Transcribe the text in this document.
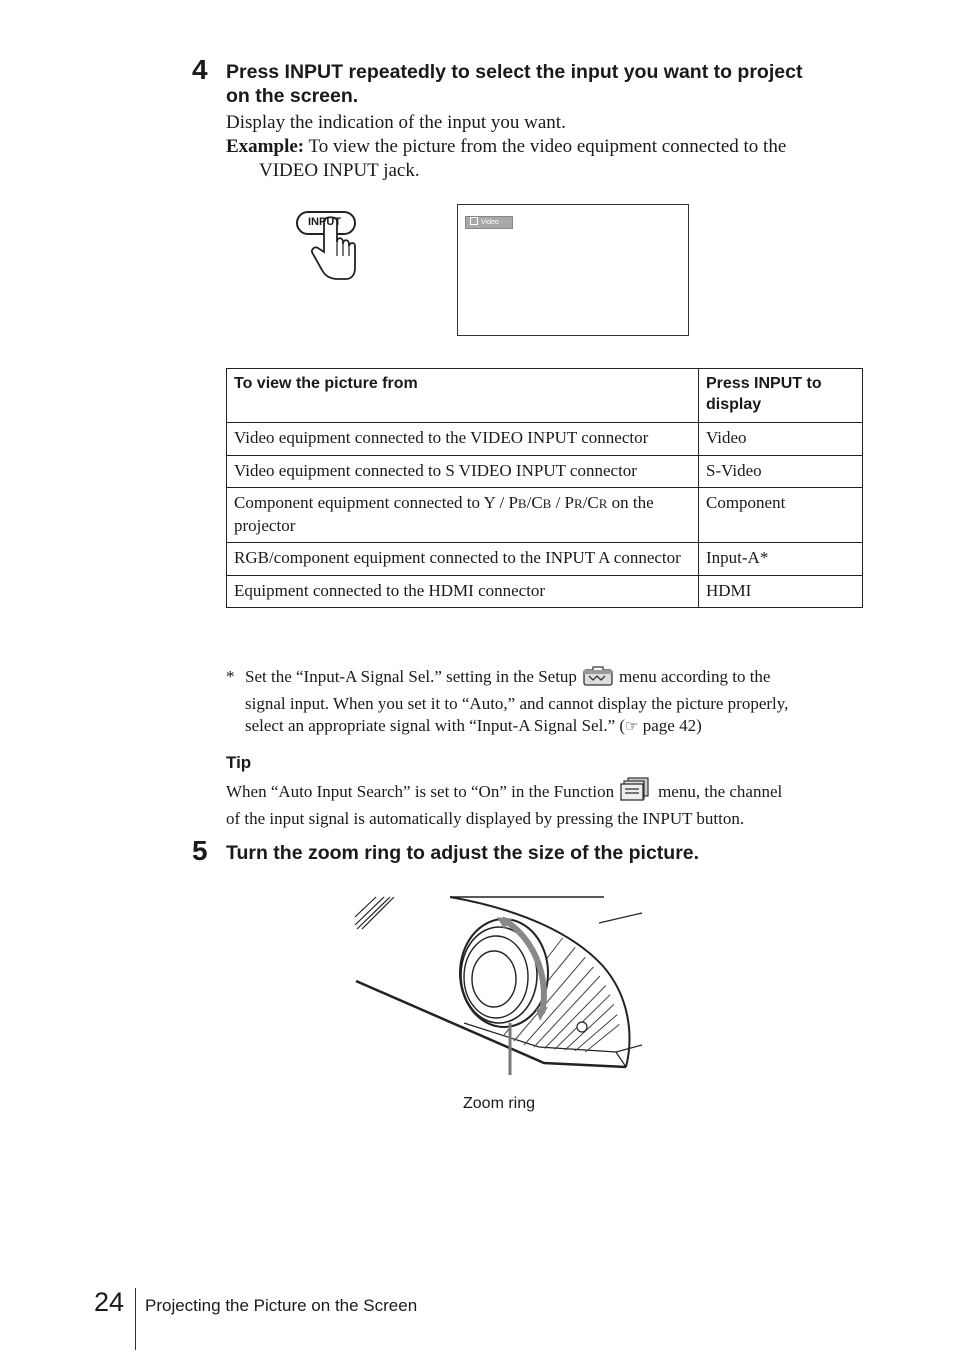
4 Press INPUT repeatedly to select the input you want to project
on the screen.
Display the indication of the input you want.
Example: To view the picture from the video equipment connected to the
VIDEO INPUT jack.
INPUT	Video
To view the picture from	Press INPUT to display
Video equipment connected to the VIDEO INPUT connector	Video
Video equipment connected to S VIDEO INPUT connector	S-Video
Component equipment connected to Y / PB/CB / PR/CR on the projector	Component
RGB/component equipment connected to the INPUT A connector	Input-A*
Equipment connected to the HDMI connector	HDMI
* Set the “Input-A Signal Sel.” setting in the Setup menu according to the
signal input. When you set it to “Auto,” and cannot display the picture properly,
select an appropriate signal with “Input-A Signal Sel.” (☞ page 42)
Tip
When “Auto Input Search” is set to “On” in the Function	menu, the channel
of the input signal is automatically displayed by pressing the INPUT button.
5 Turn the zoom ring to adjust the size of the picture.
Zoom ring
24 Projecting the Picture on the Screen
